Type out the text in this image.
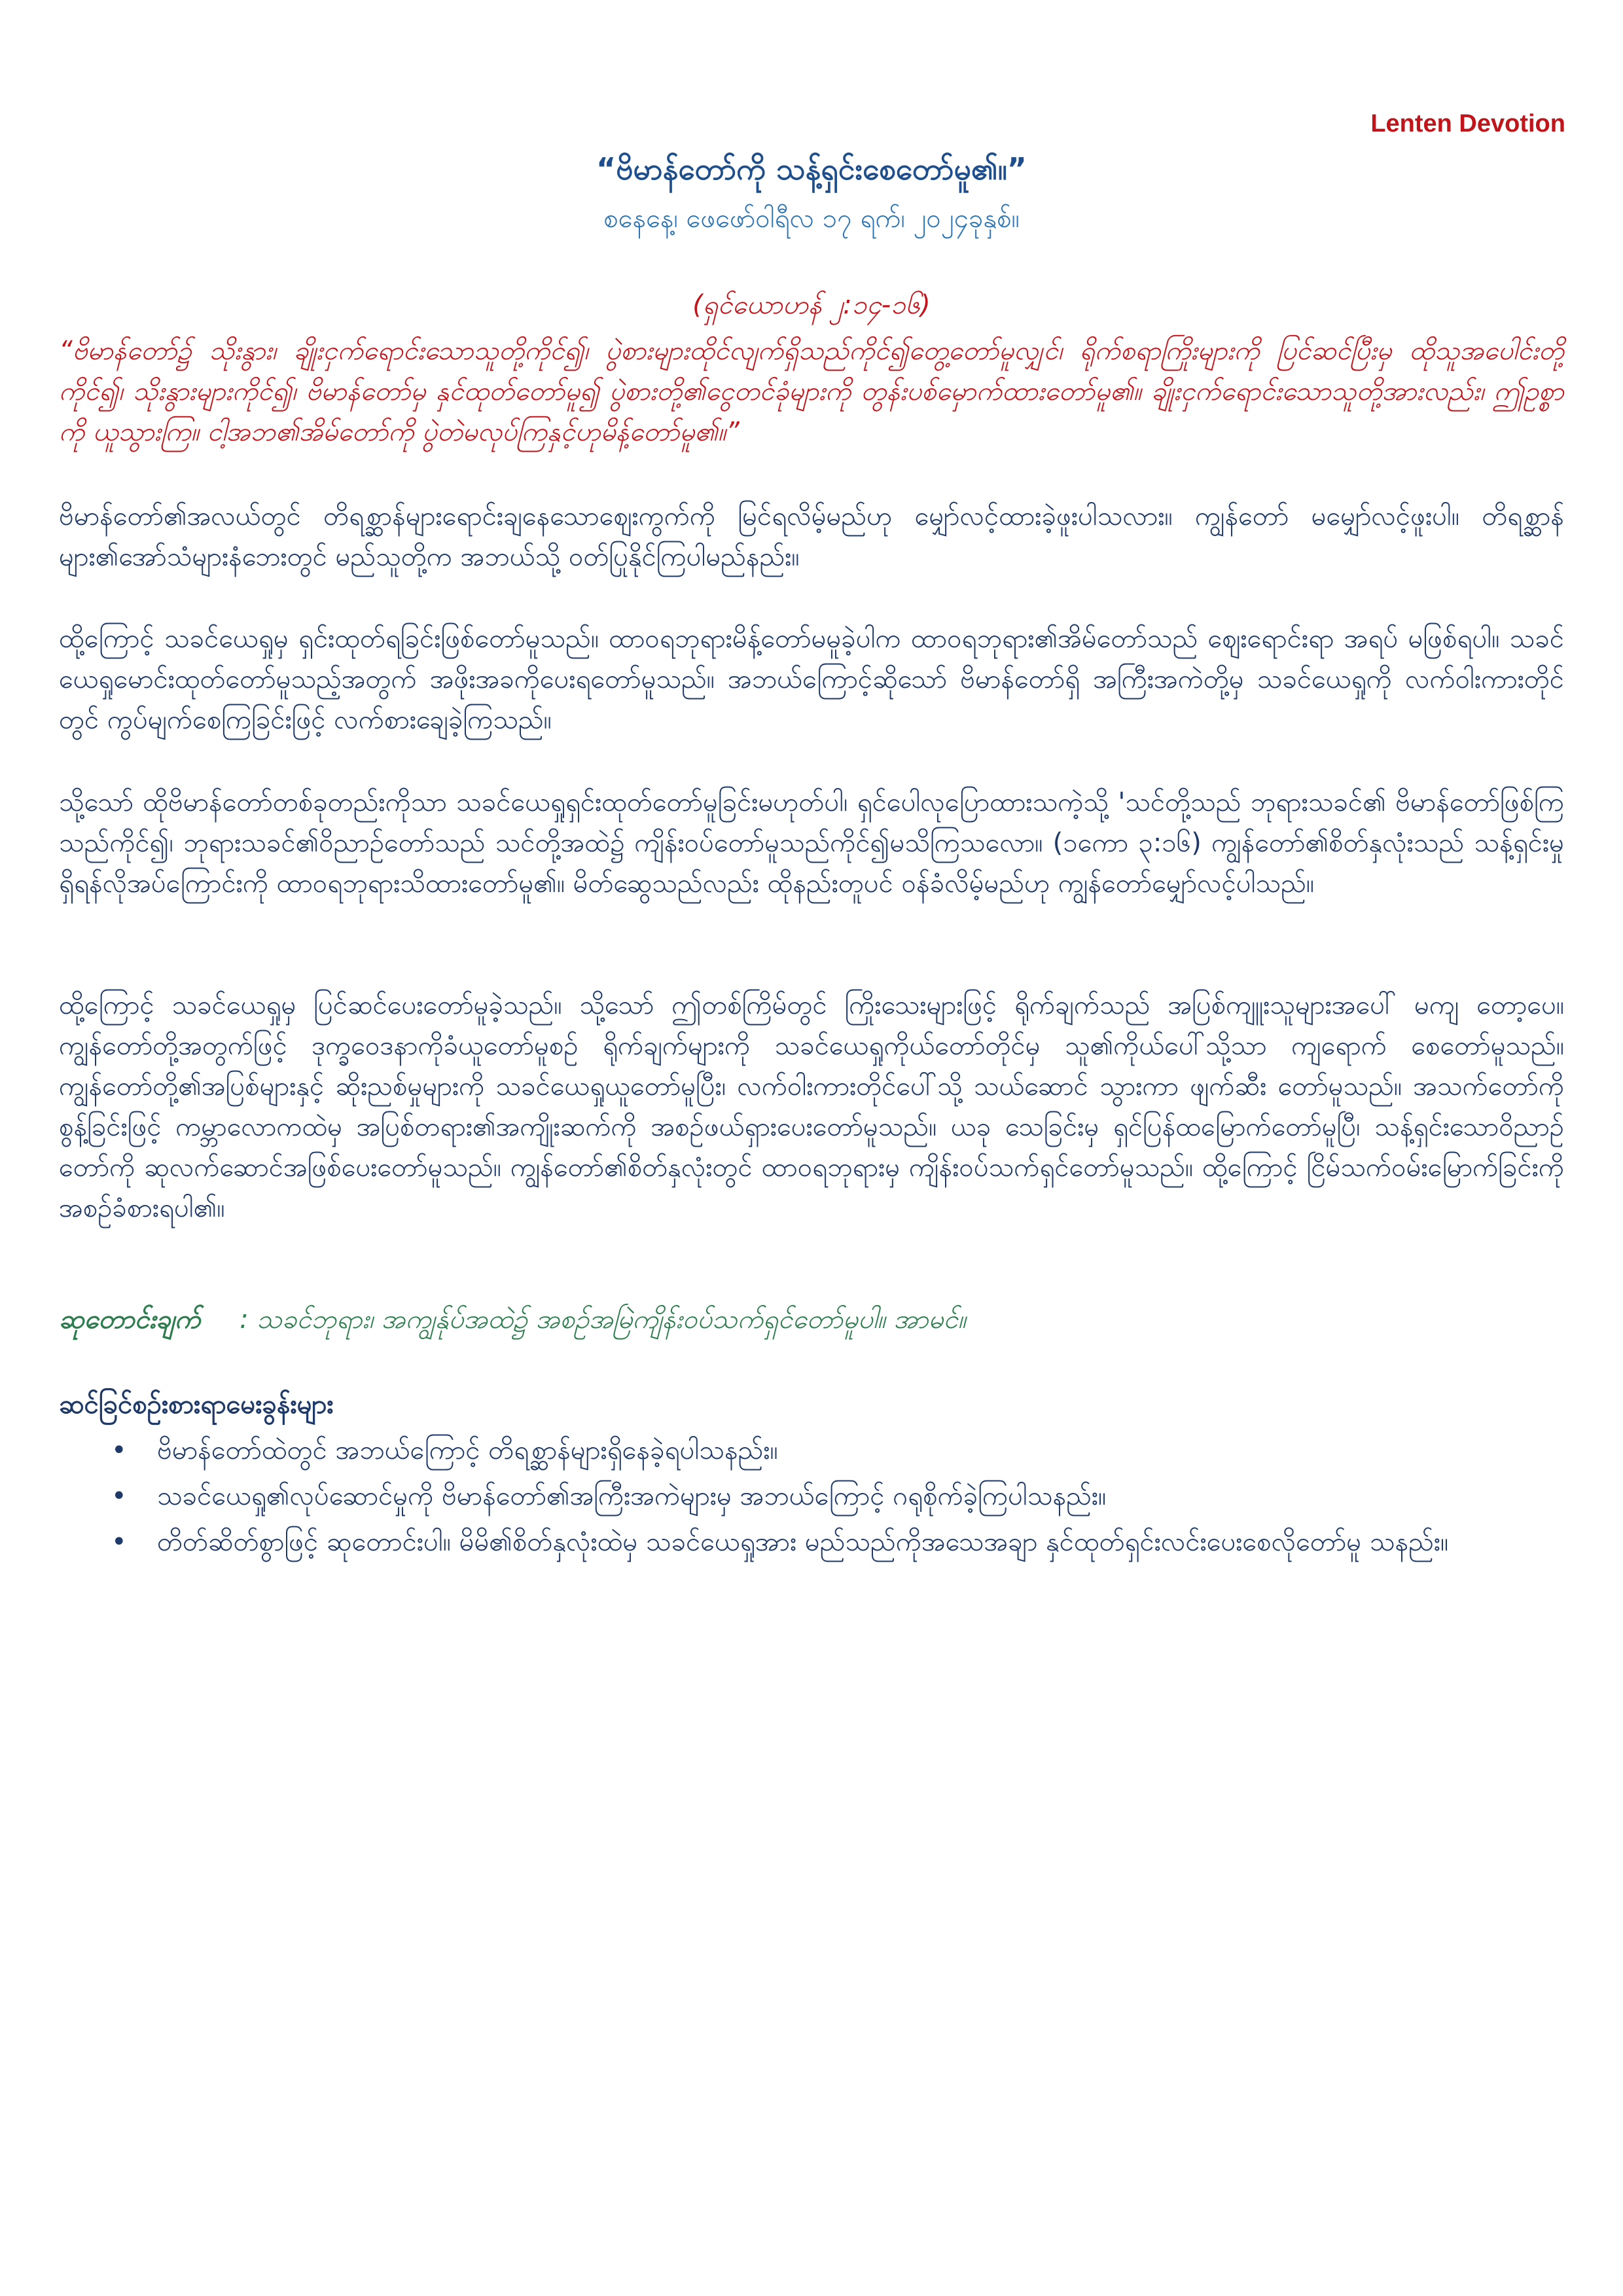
Lenten Devotion
“ဗိမာန်တော်ကို သန့်ရှင်းစေတော်မူ၏။”
စနေနေ့၊ ဖေဖော်ဝါရီလ ၁၇ ရက်၊ ၂၀၂၄ခုနှစ်။
(ရှင်ယောဟန် ၂:၁၄-၁၆)

“ဗိမာန်တော်၌ သိုးနွား၊ ချိုးငှက်ရောင်းသောသူတို့ကိုင်၍၊ ပွဲစားများထိုင်လျက်ရှိသည်ကိုင်၍တွေ့တော်မူလျှင်၊ ရိုက်စရာကြိုးများကို ပြင်ဆင်ပြီးမှ ထိုသူအပေါင်းတို့ကိုင်၍၊ သိုးနွားများကိုင်၍၊ ဗိမာန်တော်မှ နှင်ထုတ်တော်မူ၍ ပွဲစားတို့၏ငွေတင်ခုံများကို တွန်းပစ်မှောက်ထားတော်မူ၏။ ချိုးငှက်ရောင်းသောသူတို့အားလည်း၊ ဤဥစ္စာကို ယူသွားကြ။ ငါ့အဘ၏အိမ်တော်ကို ပွဲတဲမလုပ်ကြနှင့်ဟုမိန့်တော်မူ၏။”

ဗိမာန်တော်၏အလယ်တွင် တိရစ္ဆာန်များရောင်းချနေသောဈေးကွက်ကို မြင်ရလိမ့်မည်ဟု မျှော်လင့်ထားခဲ့ဖူးပါသလား။ ကျွန်တော် မမျှော်လင့်ဖူးပါ။ တိရစ္ဆာန်များ၏အော်သံများနံဘေးတွင် မည်သူတို့က အဘယ်သို့ ဝတ်ပြုနိုင်ကြပါမည်နည်း။

ထို့ကြောင့် သခင်ယေရှုမှ ရှင်းထုတ်ရခြင်းဖြစ်တော်မူသည်။ ထာဝရဘုရားမိန့်တော်မမူခဲ့ပါက ထာဝရဘုရား၏အိမ်တော်သည် ဈေးရောင်းရာ အရပ် မဖြစ်ရပါ။ သခင်ယေရှုမောင်းထုတ်တော်မူသည့်အတွက် အဖိုးအခကိုပေးရတော်မူသည်။ အဘယ်ကြောင့်ဆိုသော် ဗိမာန်တော်ရှိ အကြီးအကဲတို့မှ သခင်ယေရှုကို လက်ဝါးကားတိုင်တွင် ကွပ်မျက်စေကြခြင်းဖြင့် လက်စားချေခဲ့ကြသည်။

သို့သော် ထိုဗိမာန်တော်တစ်ခုတည်းကိုသာ သခင်ယေရှုရှင်းထုတ်တော်မူခြင်းမဟုတ်ပါ၊ ရှင်ပေါလုပြောထားသကဲ့သို့ 'သင်တို့သည် ဘုရားသခင်၏ ဗိမာန်တော်ဖြစ်ကြသည်ကိုင်၍၊ ဘုရားသခင်၏ဝိညာဉ်တော်သည် သင်တို့အထဲ၌ ကျိန်းဝပ်တော်မူသည်ကိုင်၍မသိကြသလော။ (၁ကော ၃:၁၆) ကျွန်တော်၏စိတ်နှလုံးသည် သန့်ရှင်းမှုရှိရန်လိုအပ်ကြောင်းကို ထာဝရဘုရားသိထားတော်မူ၏။ မိတ်ဆွေသည်လည်း ထိုနည်းတူပင် ဝန်ခံလိမ့်မည်ဟု ကျွန်တော်မျှော်လင့်ပါသည်။

ထို့ကြောင့် သခင်ယေရှုမှ ပြင်ဆင်ပေးတော်မူခဲ့သည်။ သို့သော် ဤတစ်ကြိမ်တွင် ကြိုးသေးများဖြင့် ရိုက်ချက်သည် အပြစ်ကျူးသူများအပေါ် မကျ တော့ပေ။ ကျွန်တော်တို့အတွက်ဖြင့် ဒုက္ခဝေဒနာကိုခံယူတော်မူစဉ် ရိုက်ချက်များကို သခင်ယေရှုကိုယ်တော်တိုင်မှ သူ၏ကိုယ်ပေါ်သို့သာ ကျရောက် စေတော်မူသည်။ ကျွန်တော်တို့၏အပြစ်များနှင့် ဆိုးညစ်မှုများကို သခင်ယေရှုယူတော်မူပြီး၊ လက်ဝါးကားတိုင်ပေါ်သို့ သယ်ဆောင် သွားကာ ဖျက်ဆီး တော်မူသည်။ အသက်တော်ကိုစွန့်ခြင်းဖြင့် ကမ္ဘာလောကထဲမှ အပြစ်တရား၏အကျိုးဆက်ကို အစဉ်ဖယ်ရှားပေးတော်မူသည်။ ယခု သေခြင်းမှ ရှင်ပြန်ထမြောက်တော်မူပြီ၊ သန့်ရှင်းသောဝိညာဉ်တော်ကို ဆုလက်ဆောင်အဖြစ်ပေးတော်မူသည်။ ကျွန်တော်၏စိတ်နှလုံးတွင် ထာဝရဘုရားမှ ကျိန်းဝပ်သက်ရှင်တော်မူသည်။ ထို့ကြောင့် ငြိမ်သက်ဝမ်းမြောက်ခြင်းကို အစဉ်ခံစားရပါ၏။

ဆုတောင်းချက် : သခင်ဘုရား၊ အကျွန်ုပ်အထဲ၌ အစဉ်အမြဲကျိန်းဝပ်သက်ရှင်တော်မူပါ။ အာမင်။

ဆင်ခြင်စဉ်းစားရာမေးခွန်းများ

• ဗိမာန်တော်ထဲတွင် အဘယ်ကြောင့် တိရစ္ဆာန်များရှိနေခဲ့ရပါသနည်း။
• သခင်ယေရှု၏လုပ်ဆောင်မှုကို ဗိမာန်တော်၏အကြီးအကဲများမှ အဘယ်ကြောင့် ဂရုစိုက်ခဲ့ကြပါသနည်း။
• တိတ်ဆိတ်စွာဖြင့် ဆုတောင်းပါ။ မိမိ၏စိတ်နှလုံးထဲမှ သခင်ယေရှုအား မည်သည်ကိုအသေအချာ နှင်ထုတ်ရှင်းလင်းပေးစေလိုတော်မူ သနည်း။
